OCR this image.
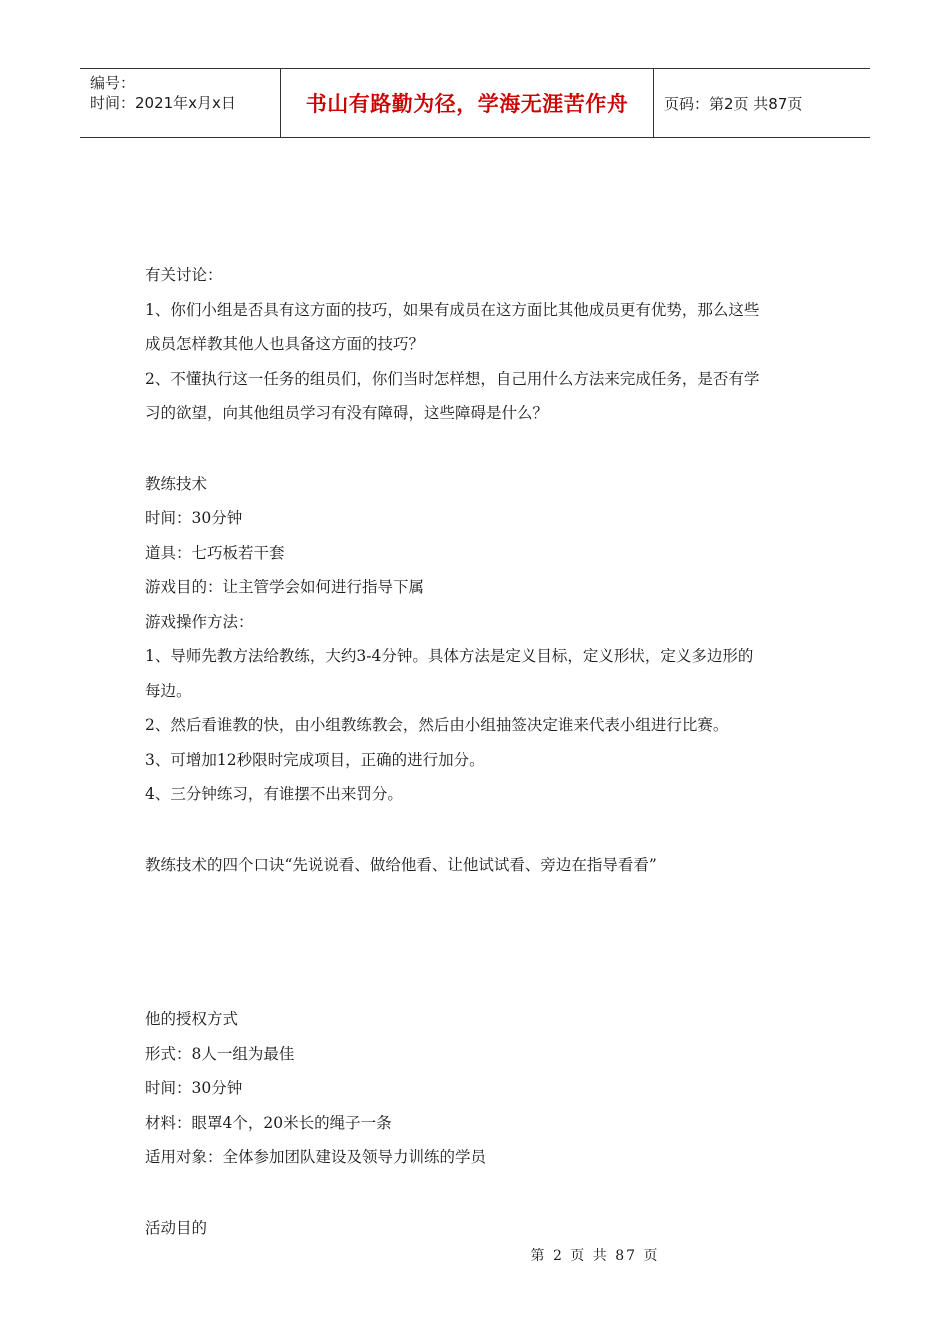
编号：
时间：2021年x月x日	书山有路勤为径，学海无涯苦作舟	页码：第2页 共87页
有关讨论：
1、你们小组是否具有这方面的技巧，如果有成员在这方面比其他成员更有优势，那么这些
成员怎样教其他人也具备这方面的技巧？
2、不懂执行这一任务的组员们，你们当时怎样想，自己用什么方法来完成任务，是否有学
习的欲望，向其他组员学习有没有障碍，这些障碍是什么？
教练技术
时间：30分钟
道具：七巧板若干套
游戏目的：让主管学会如何进行指导下属
游戏操作方法：
1、导师先教方法给教练，大约3-4分钟。具体方法是定义目标，定义形状，定义多边形的
每边。
2、然后看谁教的快，由小组教练教会，然后由小组抽签决定谁来代表小组进行比赛。
3、可增加12秒限时完成项目，正确的进行加分。
4、三分钟练习，有谁摆不出来罚分。
教练技术的四个口诀“先说说看、做给他看、让他试试看、旁边在指导看看”
他的授权方式
形式：8人一组为最佳
时间：30分钟
材料：眼罩4个，20米长的绳子一条
适用对象：全体参加团队建设及领导力训练的学员
活动目的
第 2 页 共 87 页
